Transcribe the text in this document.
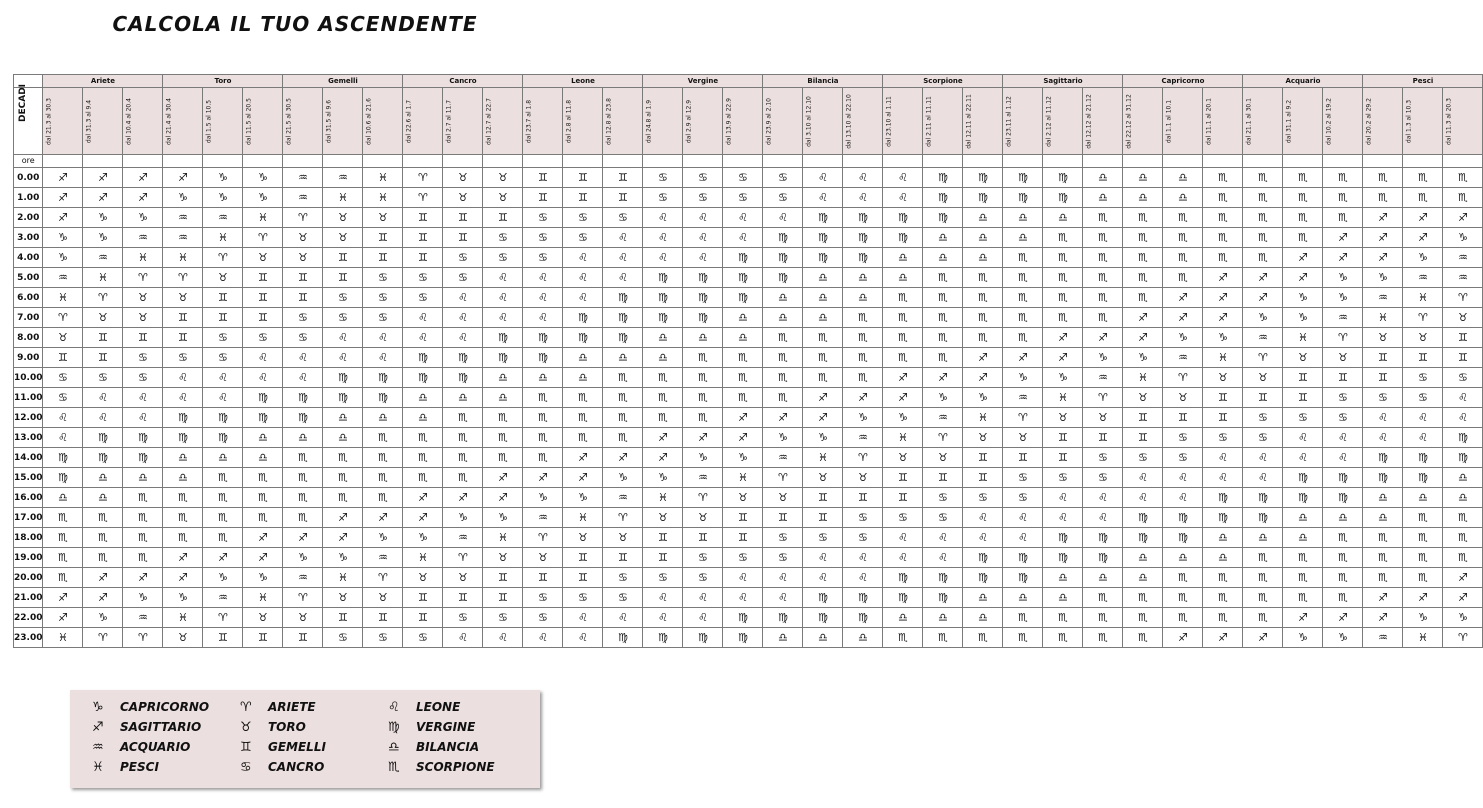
CALCOLA IL TUO ASCENDENTE
	Ariete			Toro			Gemelli			Cancro			Leone			Vergine			Bilancia			Scorpione			Sagittario			Capricorno			Acquario			Pesci		

DECADI	dal 21.3 al 30.3	dal 31.3 al 9.4	dal 10.4 al 20.4	dal 21.4 al 30.4	dal 1.5 al 10.5	dal 11.5 al 20.5	dal 21.5 al 30.5	dal 31.5 al 9.6	dal 10.6 al 21.6	dal 22.6 al 1.7	dal 2.7 al 11.7	dal 12.7 al 22.7	dal 23.7 al 1.8	dal 2.8 al 11.8	dal 12.8 al 23.8	dal 24.8 al 1.9	dal 2.9 al 12.9	dal 13.9 al 22.9	dal 23.9 al 2.10	dal 3.10 al 12.10	dal 13.10 al 22.10	dal 23.10 al 1.11	dal 2.11 al 11.11	dal 12.11 al 22.11	dal 23.11 al 1.12	dal 2.12 al 11.12	dal 12.12 al 21.12	dal 22.12 al 31.12	dal 1.1 al 10.1	dal 11.1 al 20.1	dal 21.1 al 30.1	dal 31.1 al 9.2	dal 10.2 al 19.2	dal 20.2 al 29.2	dal 1.3 al 10.3	dal 11.3 al 20.3

ore																																				
0.00	♐︎	♐︎	♐︎	♐︎	♑︎	♑︎	♒︎	♒︎	♓︎	♈︎	♉︎	♉︎	♊︎	♊︎	♊︎	♋︎	♋︎	♋︎	♋︎	♌︎	♌︎	♌︎	♍︎	♍︎	♍︎	♍︎	♎︎	♎︎	♎︎	♏︎	♏︎	♏︎	♏︎	♏︎	♏︎	♏︎
1.00	♐︎	♐︎	♐︎	♑︎	♑︎	♑︎	♒︎	♓︎	♓︎	♈︎	♉︎	♉︎	♊︎	♊︎	♊︎	♋︎	♋︎	♋︎	♋︎	♌︎	♌︎	♌︎	♍︎	♍︎	♍︎	♍︎	♎︎	♎︎	♎︎	♏︎	♏︎	♏︎	♏︎	♏︎	♏︎	♏︎
2.00	♐︎	♑︎	♑︎	♒︎	♒︎	♓︎	♈︎	♉︎	♉︎	♊︎	♊︎	♊︎	♋︎	♋︎	♋︎	♌︎	♌︎	♌︎	♌︎	♍︎	♍︎	♍︎	♍︎	♎︎	♎︎	♎︎	♏︎	♏︎	♏︎	♏︎	♏︎	♏︎	♏︎	♐︎	♐︎	♐︎
3.00	♑︎	♑︎	♒︎	♒︎	♓︎	♈︎	♉︎	♉︎	♊︎	♊︎	♊︎	♋︎	♋︎	♋︎	♌︎	♌︎	♌︎	♌︎	♍︎	♍︎	♍︎	♍︎	♎︎	♎︎	♎︎	♏︎	♏︎	♏︎	♏︎	♏︎	♏︎	♏︎	♐︎	♐︎	♐︎	♑︎
4.00	♑︎	♒︎	♓︎	♓︎	♈︎	♉︎	♉︎	♊︎	♊︎	♊︎	♋︎	♋︎	♋︎	♌︎	♌︎	♌︎	♌︎	♍︎	♍︎	♍︎	♍︎	♎︎	♎︎	♎︎	♏︎	♏︎	♏︎	♏︎	♏︎	♏︎	♏︎	♐︎	♐︎	♐︎	♑︎	♒︎
5.00	♒︎	♓︎	♈︎	♈︎	♉︎	♊︎	♊︎	♊︎	♋︎	♋︎	♋︎	♌︎	♌︎	♌︎	♌︎	♍︎	♍︎	♍︎	♍︎	♎︎	♎︎	♎︎	♏︎	♏︎	♏︎	♏︎	♏︎	♏︎	♏︎	♐︎	♐︎	♐︎	♑︎	♑︎	♒︎	♒︎
6.00	♓︎	♈︎	♉︎	♉︎	♊︎	♊︎	♊︎	♋︎	♋︎	♋︎	♌︎	♌︎	♌︎	♌︎	♍︎	♍︎	♍︎	♍︎	♎︎	♎︎	♎︎	♏︎	♏︎	♏︎	♏︎	♏︎	♏︎	♏︎	♐︎	♐︎	♐︎	♑︎	♑︎	♒︎	♓︎	♈︎
7.00	♈︎	♉︎	♉︎	♊︎	♊︎	♊︎	♋︎	♋︎	♋︎	♌︎	♌︎	♌︎	♌︎	♍︎	♍︎	♍︎	♍︎	♎︎	♎︎	♎︎	♏︎	♏︎	♏︎	♏︎	♏︎	♏︎	♏︎	♐︎	♐︎	♐︎	♑︎	♑︎	♒︎	♓︎	♈︎	♉︎
8.00	♉︎	♊︎	♊︎	♊︎	♋︎	♋︎	♋︎	♌︎	♌︎	♌︎	♌︎	♍︎	♍︎	♍︎	♍︎	♎︎	♎︎	♎︎	♏︎	♏︎	♏︎	♏︎	♏︎	♏︎	♏︎	♐︎	♐︎	♐︎	♑︎	♑︎	♒︎	♓︎	♈︎	♉︎	♉︎	♊︎
9.00	♊︎	♊︎	♋︎	♋︎	♋︎	♌︎	♌︎	♌︎	♌︎	♍︎	♍︎	♍︎	♍︎	♎︎	♎︎	♎︎	♏︎	♏︎	♏︎	♏︎	♏︎	♏︎	♏︎	♐︎	♐︎	♐︎	♑︎	♑︎	♒︎	♓︎	♈︎	♉︎	♉︎	♊︎	♊︎	♊︎
10.00	♋︎	♋︎	♋︎	♌︎	♌︎	♌︎	♌︎	♍︎	♍︎	♍︎	♍︎	♎︎	♎︎	♎︎	♏︎	♏︎	♏︎	♏︎	♏︎	♏︎	♏︎	♐︎	♐︎	♐︎	♑︎	♑︎	♒︎	♓︎	♈︎	♉︎	♉︎	♊︎	♊︎	♊︎	♋︎	♋︎
11.00	♋︎	♌︎	♌︎	♌︎	♌︎	♍︎	♍︎	♍︎	♍︎	♎︎	♎︎	♎︎	♏︎	♏︎	♏︎	♏︎	♏︎	♏︎	♏︎	♐︎	♐︎	♐︎	♑︎	♑︎	♒︎	♓︎	♈︎	♉︎	♉︎	♊︎	♊︎	♊︎	♋︎	♋︎	♋︎	♌︎
12.00	♌︎	♌︎	♌︎	♍︎	♍︎	♍︎	♍︎	♎︎	♎︎	♎︎	♏︎	♏︎	♏︎	♏︎	♏︎	♏︎	♏︎	♐︎	♐︎	♐︎	♑︎	♑︎	♒︎	♓︎	♈︎	♉︎	♉︎	♊︎	♊︎	♊︎	♋︎	♋︎	♋︎	♌︎	♌︎	♌︎
13.00	♌︎	♍︎	♍︎	♍︎	♍︎	♎︎	♎︎	♎︎	♏︎	♏︎	♏︎	♏︎	♏︎	♏︎	♏︎	♐︎	♐︎	♐︎	♑︎	♑︎	♒︎	♓︎	♈︎	♉︎	♉︎	♊︎	♊︎	♊︎	♋︎	♋︎	♋︎	♌︎	♌︎	♌︎	♌︎	♍︎
14.00	♍︎	♍︎	♍︎	♎︎	♎︎	♎︎	♏︎	♏︎	♏︎	♏︎	♏︎	♏︎	♏︎	♐︎	♐︎	♐︎	♑︎	♑︎	♒︎	♓︎	♈︎	♉︎	♉︎	♊︎	♊︎	♊︎	♋︎	♋︎	♋︎	♌︎	♌︎	♌︎	♌︎	♍︎	♍︎	♍︎
15.00	♍︎	♎︎	♎︎	♎︎	♏︎	♏︎	♏︎	♏︎	♏︎	♏︎	♏︎	♐︎	♐︎	♐︎	♑︎	♑︎	♒︎	♓︎	♈︎	♉︎	♉︎	♊︎	♊︎	♊︎	♋︎	♋︎	♋︎	♌︎	♌︎	♌︎	♌︎	♍︎	♍︎	♍︎	♍︎	♎︎
16.00	♎︎	♎︎	♏︎	♏︎	♏︎	♏︎	♏︎	♏︎	♏︎	♐︎	♐︎	♐︎	♑︎	♑︎	♒︎	♓︎	♈︎	♉︎	♉︎	♊︎	♊︎	♊︎	♋︎	♋︎	♋︎	♌︎	♌︎	♌︎	♌︎	♍︎	♍︎	♍︎	♍︎	♎︎	♎︎	♎︎
17.00	♏︎	♏︎	♏︎	♏︎	♏︎	♏︎	♏︎	♐︎	♐︎	♐︎	♑︎	♑︎	♒︎	♓︎	♈︎	♉︎	♉︎	♊︎	♊︎	♊︎	♋︎	♋︎	♋︎	♌︎	♌︎	♌︎	♌︎	♍︎	♍︎	♍︎	♍︎	♎︎	♎︎	♎︎	♏︎	♏︎
18.00	♏︎	♏︎	♏︎	♏︎	♏︎	♐︎	♐︎	♐︎	♑︎	♑︎	♒︎	♓︎	♈︎	♉︎	♉︎	♊︎	♊︎	♊︎	♋︎	♋︎	♋︎	♌︎	♌︎	♌︎	♌︎	♍︎	♍︎	♍︎	♍︎	♎︎	♎︎	♎︎	♏︎	♏︎	♏︎	♏︎
19.00	♏︎	♏︎	♏︎	♐︎	♐︎	♐︎	♑︎	♑︎	♒︎	♓︎	♈︎	♉︎	♉︎	♊︎	♊︎	♊︎	♋︎	♋︎	♋︎	♌︎	♌︎	♌︎	♌︎	♍︎	♍︎	♍︎	♍︎	♎︎	♎︎	♎︎	♏︎	♏︎	♏︎	♏︎	♏︎	♏︎
20.00	♏︎	♐︎	♐︎	♐︎	♑︎	♑︎	♒︎	♓︎	♈︎	♉︎	♉︎	♊︎	♊︎	♊︎	♋︎	♋︎	♋︎	♌︎	♌︎	♌︎	♌︎	♍︎	♍︎	♍︎	♍︎	♎︎	♎︎	♎︎	♏︎	♏︎	♏︎	♏︎	♏︎	♏︎	♏︎	♐︎
21.00	♐︎	♐︎	♑︎	♑︎	♒︎	♓︎	♈︎	♉︎	♉︎	♊︎	♊︎	♊︎	♋︎	♋︎	♋︎	♌︎	♌︎	♌︎	♌︎	♍︎	♍︎	♍︎	♍︎	♎︎	♎︎	♎︎	♏︎	♏︎	♏︎	♏︎	♏︎	♏︎	♏︎	♐︎	♐︎	♐︎
22.00	♐︎	♑︎	♒︎	♓︎	♈︎	♉︎	♉︎	♊︎	♊︎	♊︎	♋︎	♋︎	♋︎	♌︎	♌︎	♌︎	♌︎	♍︎	♍︎	♍︎	♍︎	♎︎	♎︎	♎︎	♏︎	♏︎	♏︎	♏︎	♏︎	♏︎	♏︎	♐︎	♐︎	♐︎	♑︎	♑︎
23.00	♓︎	♈︎	♈︎	♉︎	♊︎	♊︎	♊︎	♋︎	♋︎	♋︎	♌︎	♌︎	♌︎	♌︎	♍︎	♍︎	♍︎	♍︎	♎︎	♎︎	♎︎	♏︎	♏︎	♏︎	♏︎	♏︎	♏︎	♏︎	♐︎	♐︎	♐︎	♑︎	♑︎	♒︎	♓︎	♈︎
♑︎ CAPRICORNO
♐︎ SAGITTARIO
♒︎ ACQUARIO
♓︎ PESCI
♈︎ ARIETE
♉︎ TORO
♊︎ GEMELLI
♋︎ CANCRO
♌︎ LEONE
♍︎ VERGINE
♎︎ BILANCIA
♏︎ SCORPIONE
